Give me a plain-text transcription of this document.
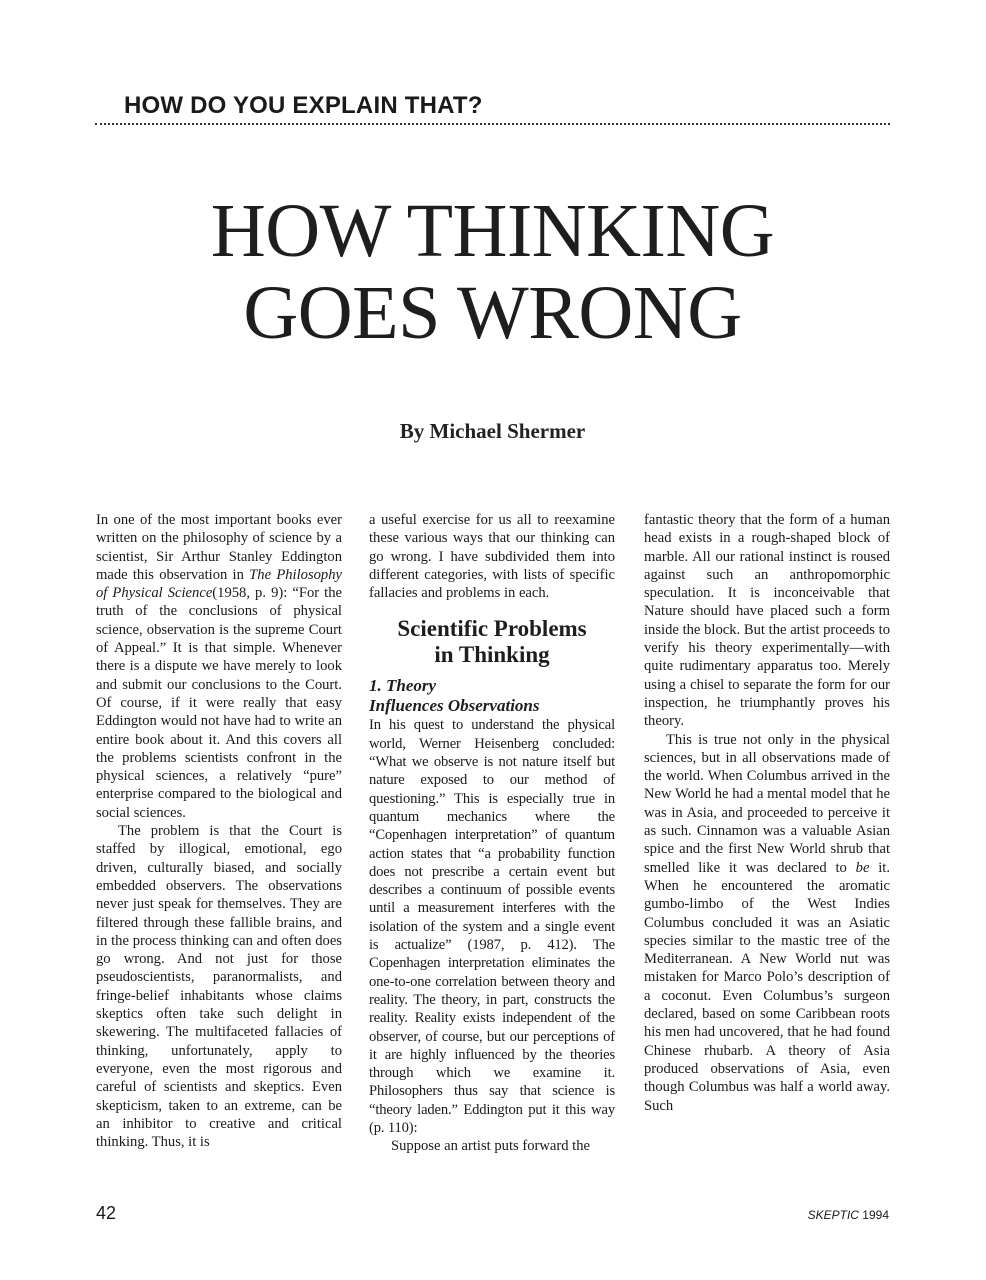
HOW DO YOU EXPLAIN THAT?
HOW THINKING
GOES WRONG
By Michael Shermer

In one of the most important books ever written on the philosophy of science by a scientist, Sir Arthur Stanley Eddington made this observation in The Philosophy of Physical Science(1958, p. 9): “For the truth of the conclusions of physical science, observation is the supreme Court of Appeal.” It is that simple. Whenever there is a dispute we have merely to look and submit our conclusions to the Court. Of course, if it were really that easy Eddington would not have had to write an entire book about it. And this covers all the problems scientists confront in the physical sciences, a relatively “pure” enterprise compared to the biological and social sciences.

The problem is that the Court is staffed by illogical, emotional, ego driven, culturally biased, and socially embedded observers. The observations never just speak for themselves. They are filtered through these fallible brains, and in the process thinking can and often does go wrong. And not just for those pseudoscientists, paranormalists, and fringe-belief inhabitants whose claims skeptics often take such delight in skewering. The multifaceted fallacies of thinking, unfortunately, apply to everyone, even the most rigorous and careful of scientists and skeptics. Even skepticism, taken to an extreme, can be an inhibitor to creative and critical thinking. Thus, it is

a useful exercise for us all to reexamine these various ways that our thinking can go wrong. I have subdivided them into different categories, with lists of specific fallacies and problems in each.

Scientific Problems
in Thinking
1. Theory
Influences Observations

In his quest to understand the physical world, Werner Heisenberg concluded: “What we observe is not nature itself but nature exposed to our method of questioning.” This is especially true in quantum mechanics where the “Copenhagen interpretation” of quantum action states that “a probability function does not prescribe a certain event but describes a continuum of possible events until a measurement interferes with the isolation of the system and a single event is actualize” (1987, p. 412). The Copenhagen interpretation eliminates the one-to-one correlation between theory and reality. The theory, in part, constructs the reality. Reality exists independent of the observer, of course, but our perceptions of it are highly influenced by the theories through which we examine it. Philosophers thus say that science is “theory laden.” Eddington put it this way (p. 110):

Suppose an artist puts forward the

fantastic theory that the form of a human head exists in a rough-shaped block of marble. All our rational instinct is roused against such an anthropomorphic speculation. It is inconceivable that Nature should have placed such a form inside the block. But the artist proceeds to verify his theory experimentally—with quite rudimentary apparatus too. Merely using a chisel to separate the form for our inspection, he triumphantly proves his theory.

This is true not only in the physical sciences, but in all observations made of the world. When Columbus arrived in the New World he had a mental model that he was in Asia, and proceeded to perceive it as such. Cinnamon was a valuable Asian spice and the first New World shrub that smelled like it was declared to be it. When he encountered the aromatic gumbo-limbo of the West Indies Columbus concluded it was an Asiatic species similar to the mastic tree of the Mediterranean. A New World nut was mistaken for Marco Polo’s description of a coconut. Even Columbus’s surgeon declared, based on some Caribbean roots his men had uncovered, that he had found Chinese rhubarb. A theory of Asia produced observations of Asia, even though Columbus was half a world away. Such

42	SKEPTIC 1994
